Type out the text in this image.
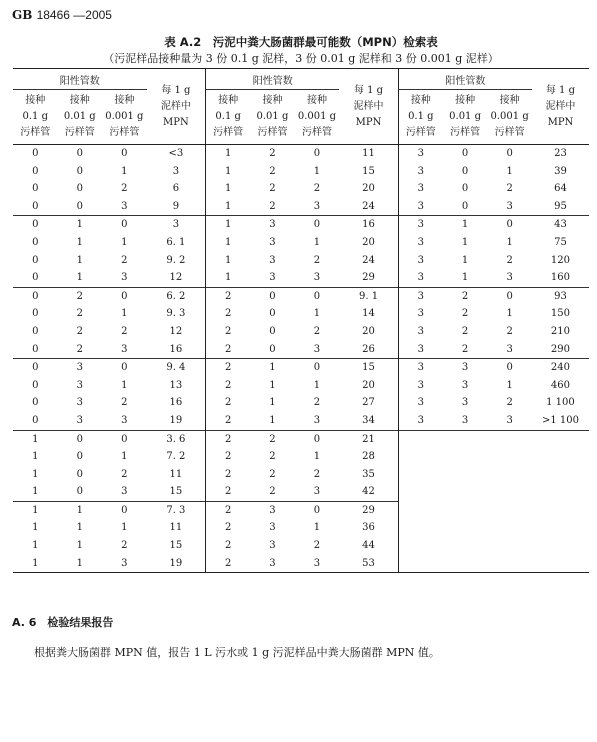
GB 18466 —2005
表 A.2　污泥中粪大肠菌群最可能数（MPN）检索表
（污泥样品接种量为 3 份 0.1 g 泥样，3 份 0.01 g 泥样和 3 份 0.001 g 泥样）
阳性管数			每 1 g
泥样中
MPN	阳性管数			每 1 g
泥样中
MPN	阳性管数			每 1 g
泥样中
MPN

接种
0.1 g
污样管	接种
0.01 g
污样管	接种
0.001 g
污样管		接种
0.1 g
污样管	接种
0.01 g
污样管	接种
0.001 g
污样管		接种
0.1 g
污样管	接种
0.01 g
污样管	接种
0.001 g
污样管	

0	0	0	<3	1	2	0	11	3	0	0	23
0	0	1	3	1	2	1	15	3	0	1	39
0	0	2	6	1	2	2	20	3	0	2	64
0	0	3	9	1	2	3	24	3	0	3	95
0	1	0	3	1	3	0	16	3	1	0	43
0	1	1	6. 1	1	3	1	20	3	1	1	75
0	1	2	9. 2	1	3	2	24	3	1	2	120
0	1	3	12	1	3	3	29	3	1	3	160
0	2	0	6. 2	2	0	0	9. 1	3	2	0	93
0	2	1	9. 3	2	0	1	14	3	2	1	150
0	2	2	12	2	0	2	20	3	2	2	210
0	2	3	16	2	0	3	26	3	2	3	290
0	3	0	9. 4	2	1	0	15	3	3	0	240
0	3	1	13	2	1	1	20	3	3	1	460
0	3	2	16	2	1	2	27	3	3	2	1 100
0	3	3	19	2	1	3	34	3	3	3	>1 100
1	0	0	3. 6	2	2	0	21				
1	0	1	7. 2	2	2	1	28				
1	0	2	11	2	2	2	35				
1	0	3	15	2	2	3	42				
1	1	0	7. 3	2	3	0	29				
1	1	1	11	2	3	1	36				
1	1	2	15	2	3	2	44				
1	1	3	19	2	3	3	53				
A. 6　检验结果报告
根据粪大肠菌群 MPN 值，报告 1 L 污水或 1 g 污泥样品中粪大肠菌群 MPN 值。
